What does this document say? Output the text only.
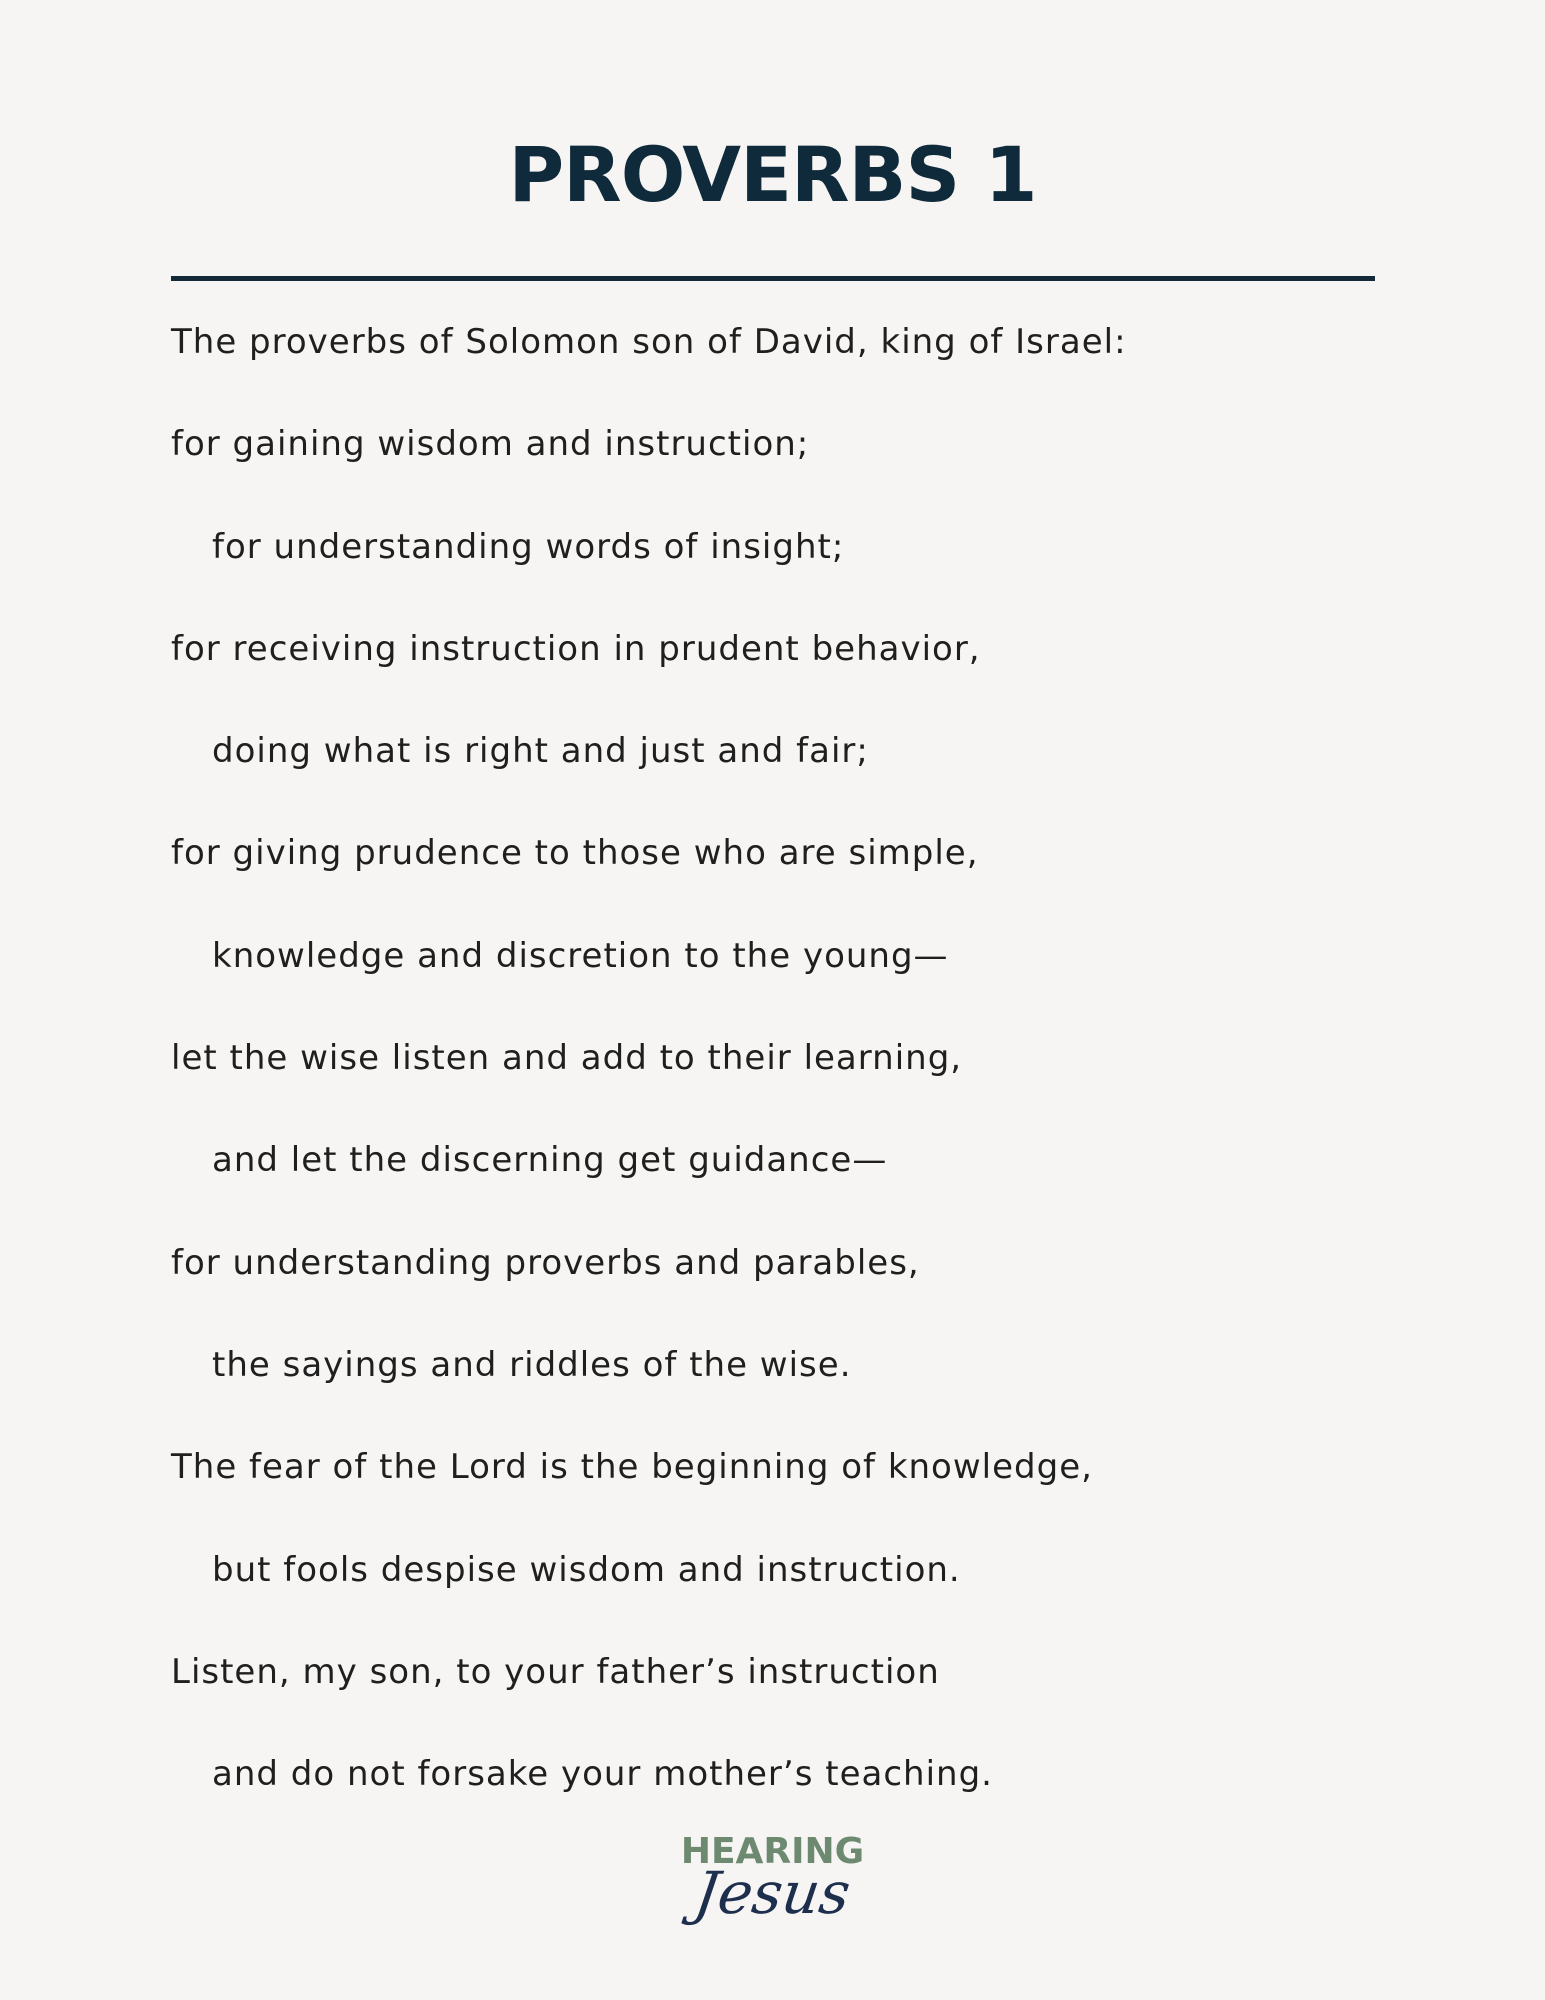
PROVERBS 1
The proverbs of Solomon son of David, king of Israel:
for gaining wisdom and instruction;
for understanding words of insight;
for receiving instruction in prudent behavior,
doing what is right and just and fair;
for giving prudence to those who are simple,
knowledge and discretion to the young—
let the wise listen and add to their learning,
and let the discerning get guidance—
for understanding proverbs and parables,
the sayings and riddles of the wise.
The fear of the Lord is the beginning of knowledge,
but fools despise wisdom and instruction.
Listen, my son, to your father’s instruction
and do not forsake your mother’s teaching.
HEARING
Jesus
